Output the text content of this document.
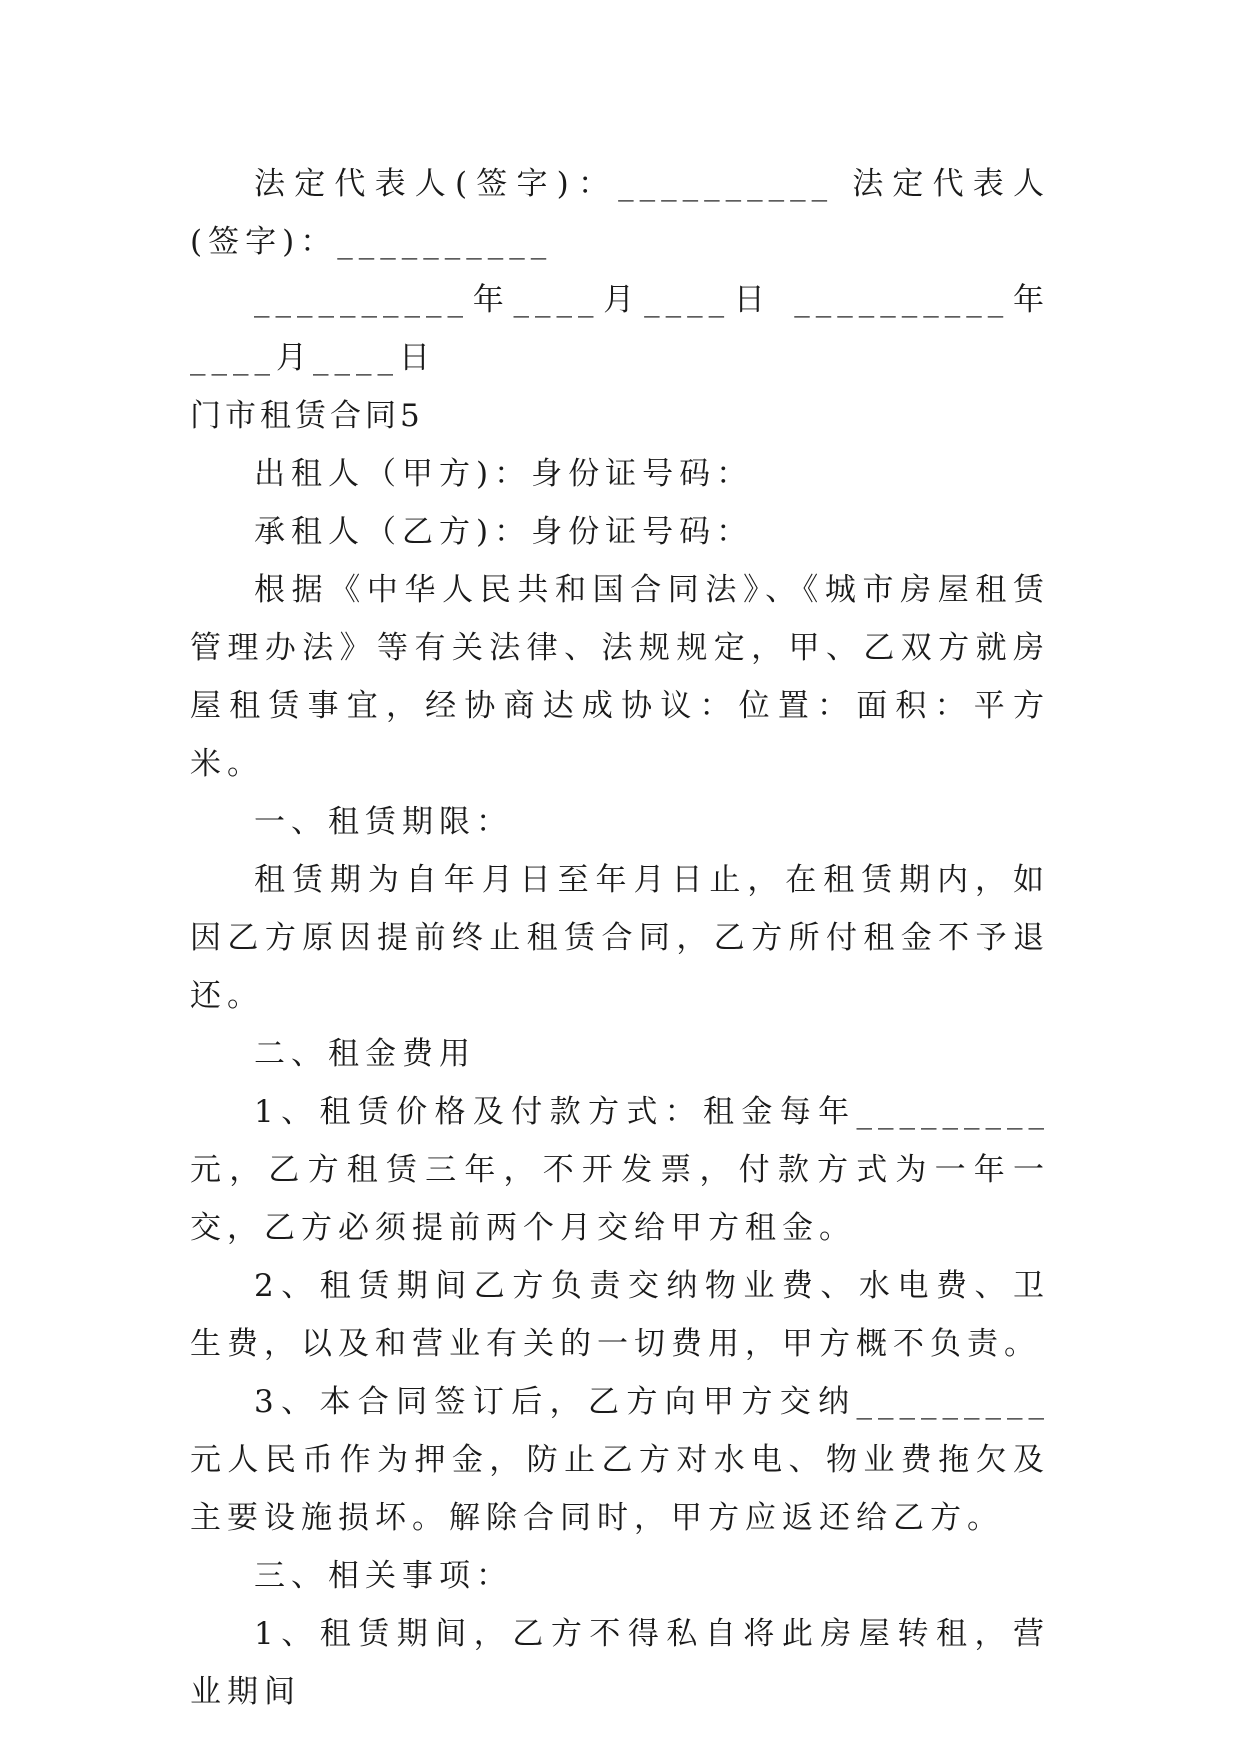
法定代表人(签字)：__________ 法定代表人(签字)：__________

__________年____月____日 __________年____月____日

门市租赁合同5

出租人（甲方)：身份证号码：

承租人（乙方)：身份证号码：

根据《中华人民共和国合同法》、《城市房屋租赁管理办法》等有关法律、法规规定，甲、乙双方就房屋租赁事宜，经协商达成协议：位置：面积：平方米。

一、租赁期限：

租赁期为自年月日至年月日止，在租赁期内，如因乙方原因提前终止租赁合同，乙方所付租金不予退还。

二、租金费用

1、租赁价格及付款方式：租金每年_________元，乙方租赁三年，不开发票，付款方式为一年一交，乙方必须提前两个月交给甲方租金。

2、租赁期间乙方负责交纳物业费、水电费、卫生费，以及和营业有关的一切费用，甲方概不负责。

3、本合同签订后，乙方向甲方交纳_________元人民币作为押金，防止乙方对水电、物业费拖欠及主要设施损坏。解除合同时，甲方应返还给乙方。

三、相关事项：

1、租赁期间，乙方不得私自将此房屋转租，营业期间
